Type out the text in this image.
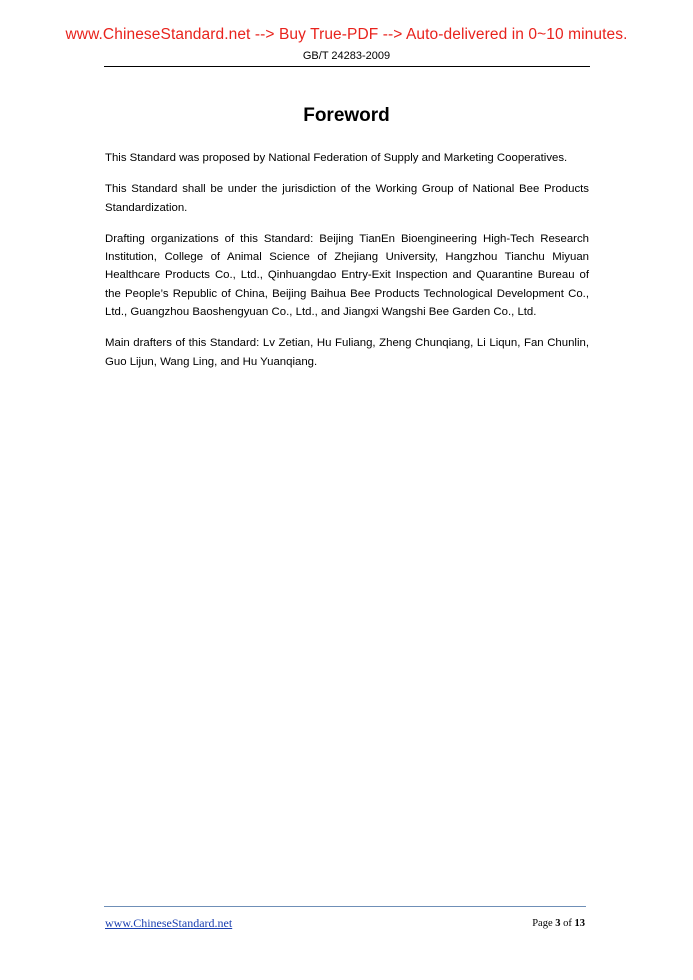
www.ChineseStandard.net --> Buy True-PDF --> Auto-delivered in 0~10 minutes.
GB/T 24283-2009
Foreword

This Standard was proposed by National Federation of Supply and Marketing Cooperatives.

This Standard shall be under the jurisdiction of the Working Group of National Bee Products Standardization.

Drafting organizations of this Standard: Beijing TianEn Bioengineering High-Tech Research Institution, College of Animal Science of Zhejiang University, Hangzhou Tianchu Miyuan Healthcare Products Co., Ltd., Qinhuangdao Entry-Exit Inspection and Quarantine Bureau of the People’s Republic of China, Beijing Baihua Bee Products Technological Development Co., Ltd., Guangzhou Baoshengyuan Co., Ltd., and Jiangxi Wangshi Bee Garden Co., Ltd.

Main drafters of this Standard: Lv Zetian, Hu Fuliang, Zheng Chunqiang, Li Liqun, Fan Chunlin, Guo Lijun, Wang Ling, and Hu Yuanqiang.

www.ChineseStandard.net	Page 3 of 13
